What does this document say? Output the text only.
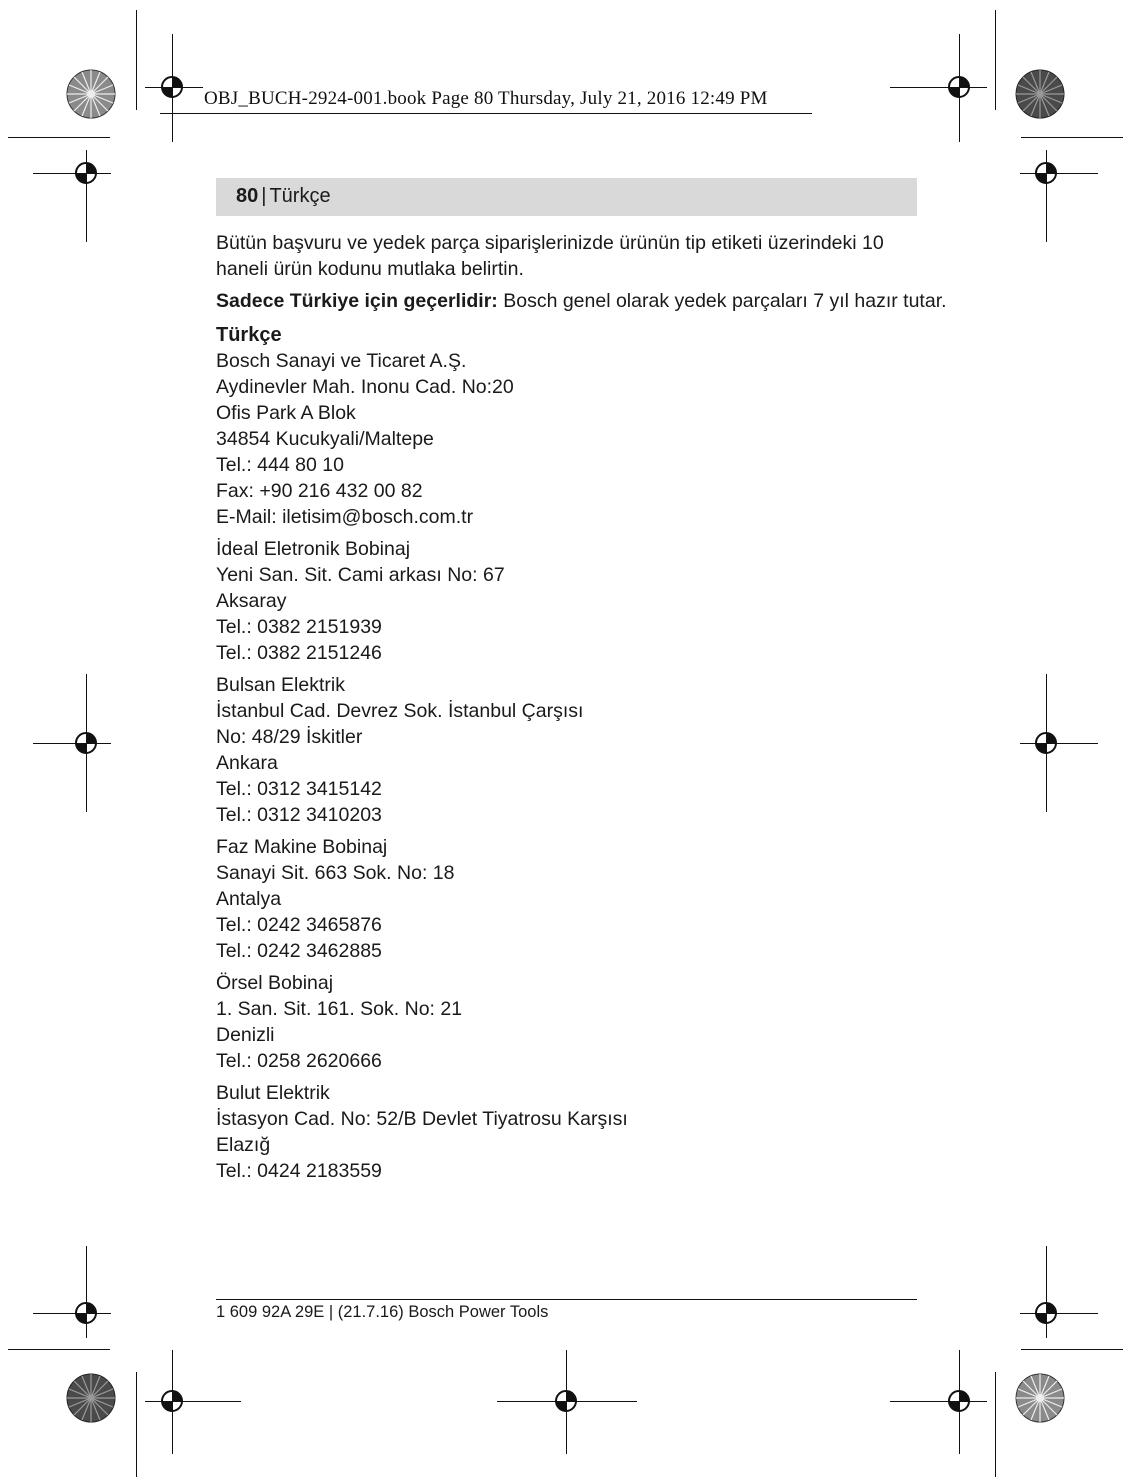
OBJ_BUCH-2924-001.book Page 80 Thursday, July 21, 2016 12:49 PM
80 | Türkçe

Bütün başvuru ve yedek parça siparişlerinizde ürünün tip etiketi üzerindeki 10 haneli ürün kodunu mutlaka belirtin.

Sadece Türkiye için geçerlidir: Bosch genel olarak yedek parçaları 7 yıl hazır tutar.

Türkçe

Bosch Sanayi ve Ticaret A.Ş.
Aydinevler Mah. Inonu Cad. No:20
Ofis Park A Blok
34854 Kucukyali/Maltepe
Tel.: 444 80 10
Fax: +90 216 432 00 82
E-Mail: iletisim@bosch.com.tr
İdeal Eletronik Bobinaj
Yeni San. Sit. Cami arkası No: 67
Aksaray
Tel.: 0382 2151939
Tel.: 0382 2151246
Bulsan Elektrik
İstanbul Cad. Devrez Sok. İstanbul Çarşısı
No: 48/29 İskitler
Ankara
Tel.: 0312 3415142
Tel.: 0312 3410203
Faz Makine Bobinaj
Sanayi Sit. 663 Sok. No: 18
Antalya
Tel.: 0242 3465876
Tel.: 0242 3462885
Örsel Bobinaj
1. San. Sit. 161. Sok. No: 21
Denizli
Tel.: 0258 2620666
Bulut Elektrik
İstasyon Cad. No: 52/B Devlet Tiyatrosu Karşısı
Elazığ
Tel.: 0424 2183559
1 609 92A 29E | (21.7.16) Bosch Power Tools
